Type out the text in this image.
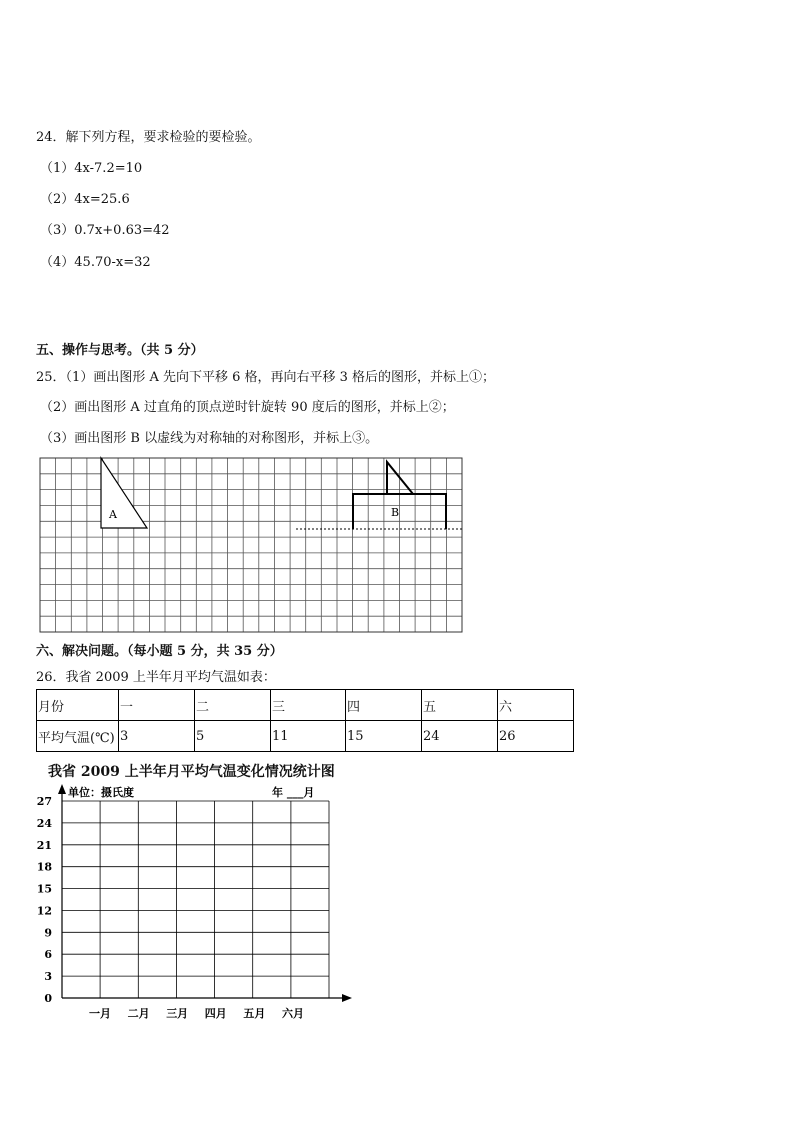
24．解下列方程，要求检验的要检验。
（1）4x-7.2=10
（2）4x=25.6
（3）0.7x+0.63=42
（4）45.70-x=32
五、操作与思考。（共 5 分）
25．（1）画出图形 A 先向下平移 6 格，再向右平移 3 格后的图形，并标上①；
（2）画出图形 A 过直角的顶点逆时针旋转 90 度后的图形，并标上②；
（3）画出图形 B 以虚线为对称轴的对称图形，并标上③。
A	B
六、解决问题。（每小题 5 分，共 35 分）
26．我省 2009 上半年月平均气温如表：
月份	一	二	三	四	五	六
平均气温(℃)	3	5	11	15	24	26
我省 2009 上半年月平均气温变化情况统计图
0
3
6
9
12
15
18
21
24
27
一月 二月 三月 四月 五月 六月
单位：摄氏度	年 ___月
